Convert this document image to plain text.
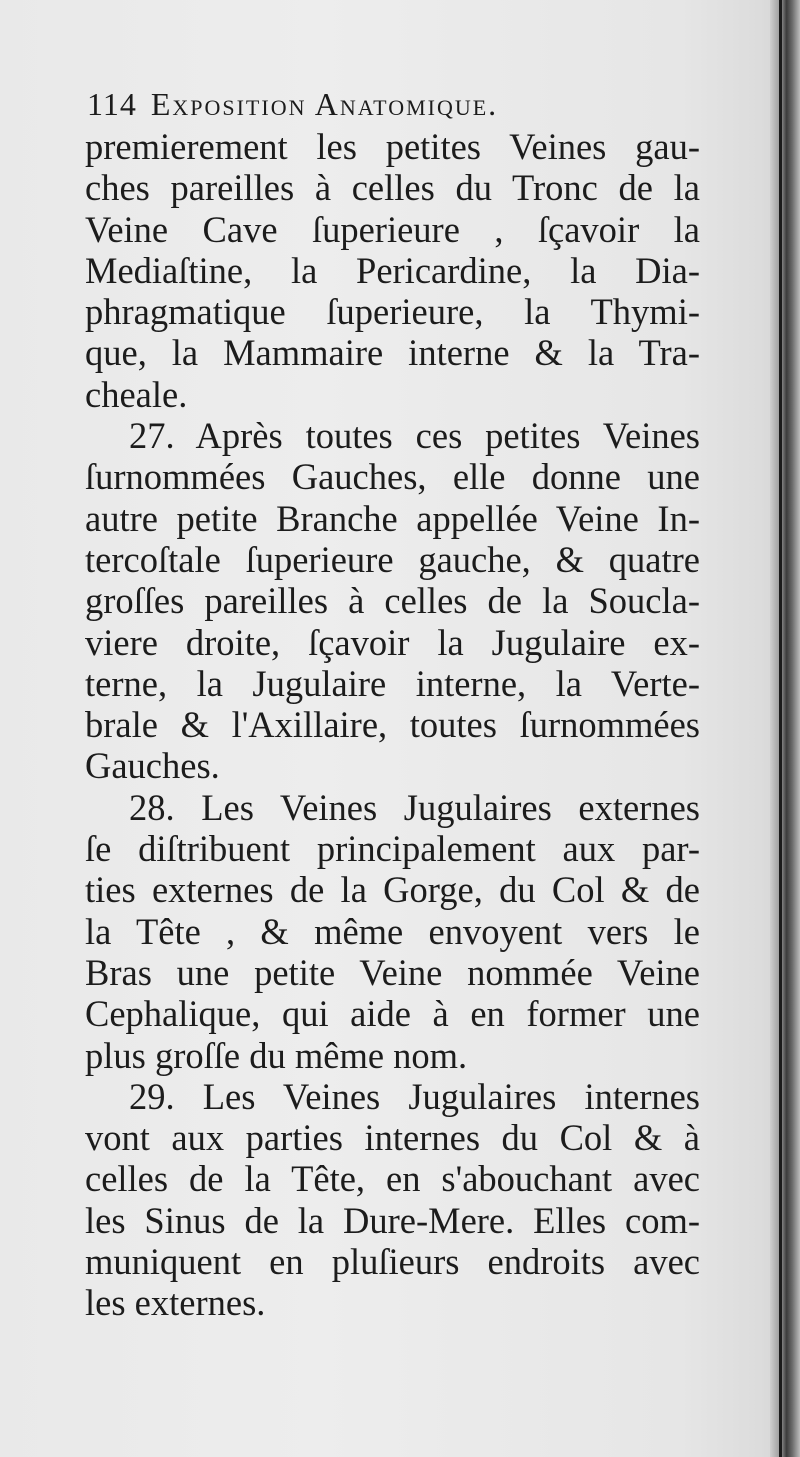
114 Exposition Anatomique.
premierement les petites Veines gau-
ches pareilles à celles du Tronc de la
Veine Cave ſuperieure , ſçavoir la
Mediaſtine, la Pericardine, la Dia-
phragmatique ſuperieure, la Thymi-
que, la Mammaire interne & la Tra-
cheale.
27. Après toutes ces petites Veines
ſurnommées Gauches, elle donne une
autre petite Branche appellée Veine In-
tercoſtale ſuperieure gauche, & quatre
groſſes pareilles à celles de la Soucla-
viere droite, ſçavoir la Jugulaire ex-
terne, la Jugulaire interne, la Verte-
brale & l'Axillaire, toutes ſurnommées
Gauches.
28. Les Veines Jugulaires externes
ſe diſtribuent principalement aux par-
ties externes de la Gorge, du Col & de
la Tête , & même envoyent vers le
Bras une petite Veine nommée Veine
Cephalique, qui aide à en former une
plus groſſe du même nom.
29. Les Veines Jugulaires internes
vont aux parties internes du Col & à
celles de la Tête, en s'abouchant avec
les Sinus de la Dure-Mere. Elles com-
muniquent en pluſieurs endroits avec
les externes.
